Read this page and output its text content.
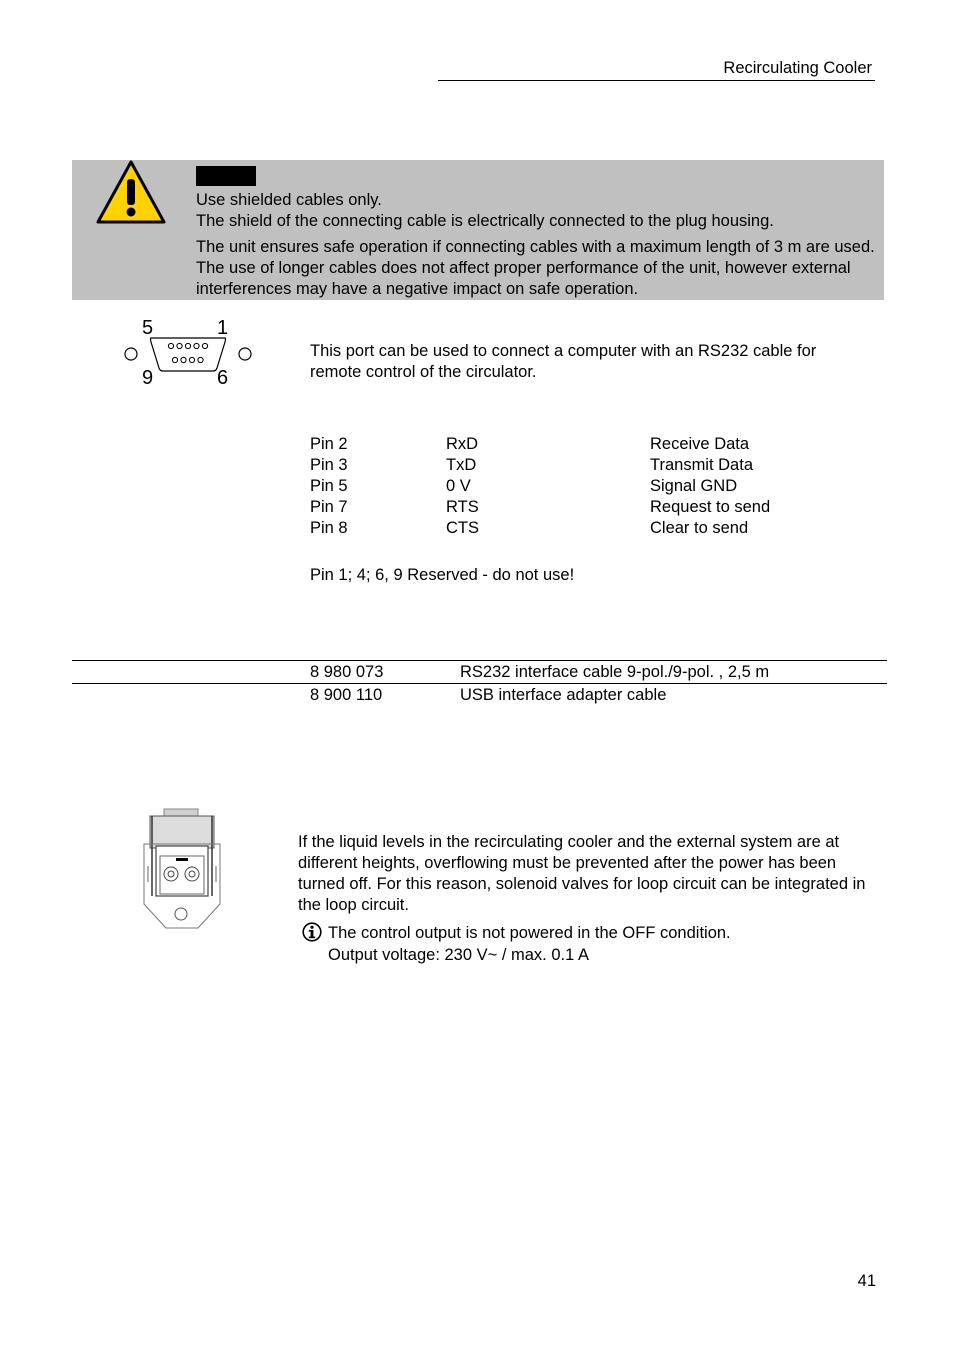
Recirculating Cooler
Use shielded cables only.
The shield of the connecting cable is electrically connected to the plug housing.
The unit ensures safe operation if connecting cables with a maximum length of 3 m are used. The use of longer cables does not affect proper performance of the unit, however external interferences may have a negative impact on safe operation.
5	1
9	6
This port can be used to connect a computer with an RS232 cable for remote control of the circulator.
Pin 2	RxD	Receive Data
Pin 3	TxD	Transmit Data
Pin 5	0 V	Signal GND
Pin 7	RTS	Request to send
Pin 8	CTS	Clear to send
Pin 1; 4; 6, 9 Reserved - do not use!
8 980 073	RS232 interface cable 9-pol./9-pol. , 2,5 m
8 900 110	USB interface adapter cable
If the liquid levels in the recirculating cooler and the external system are at different heights, overflowing must be prevented after the power has been turned off. For this reason, solenoid valves for loop circuit can be integrated in the loop circuit.
The control output is not powered in the OFF condition.
Output voltage: 230 V~ / max. 0.1 A
41
